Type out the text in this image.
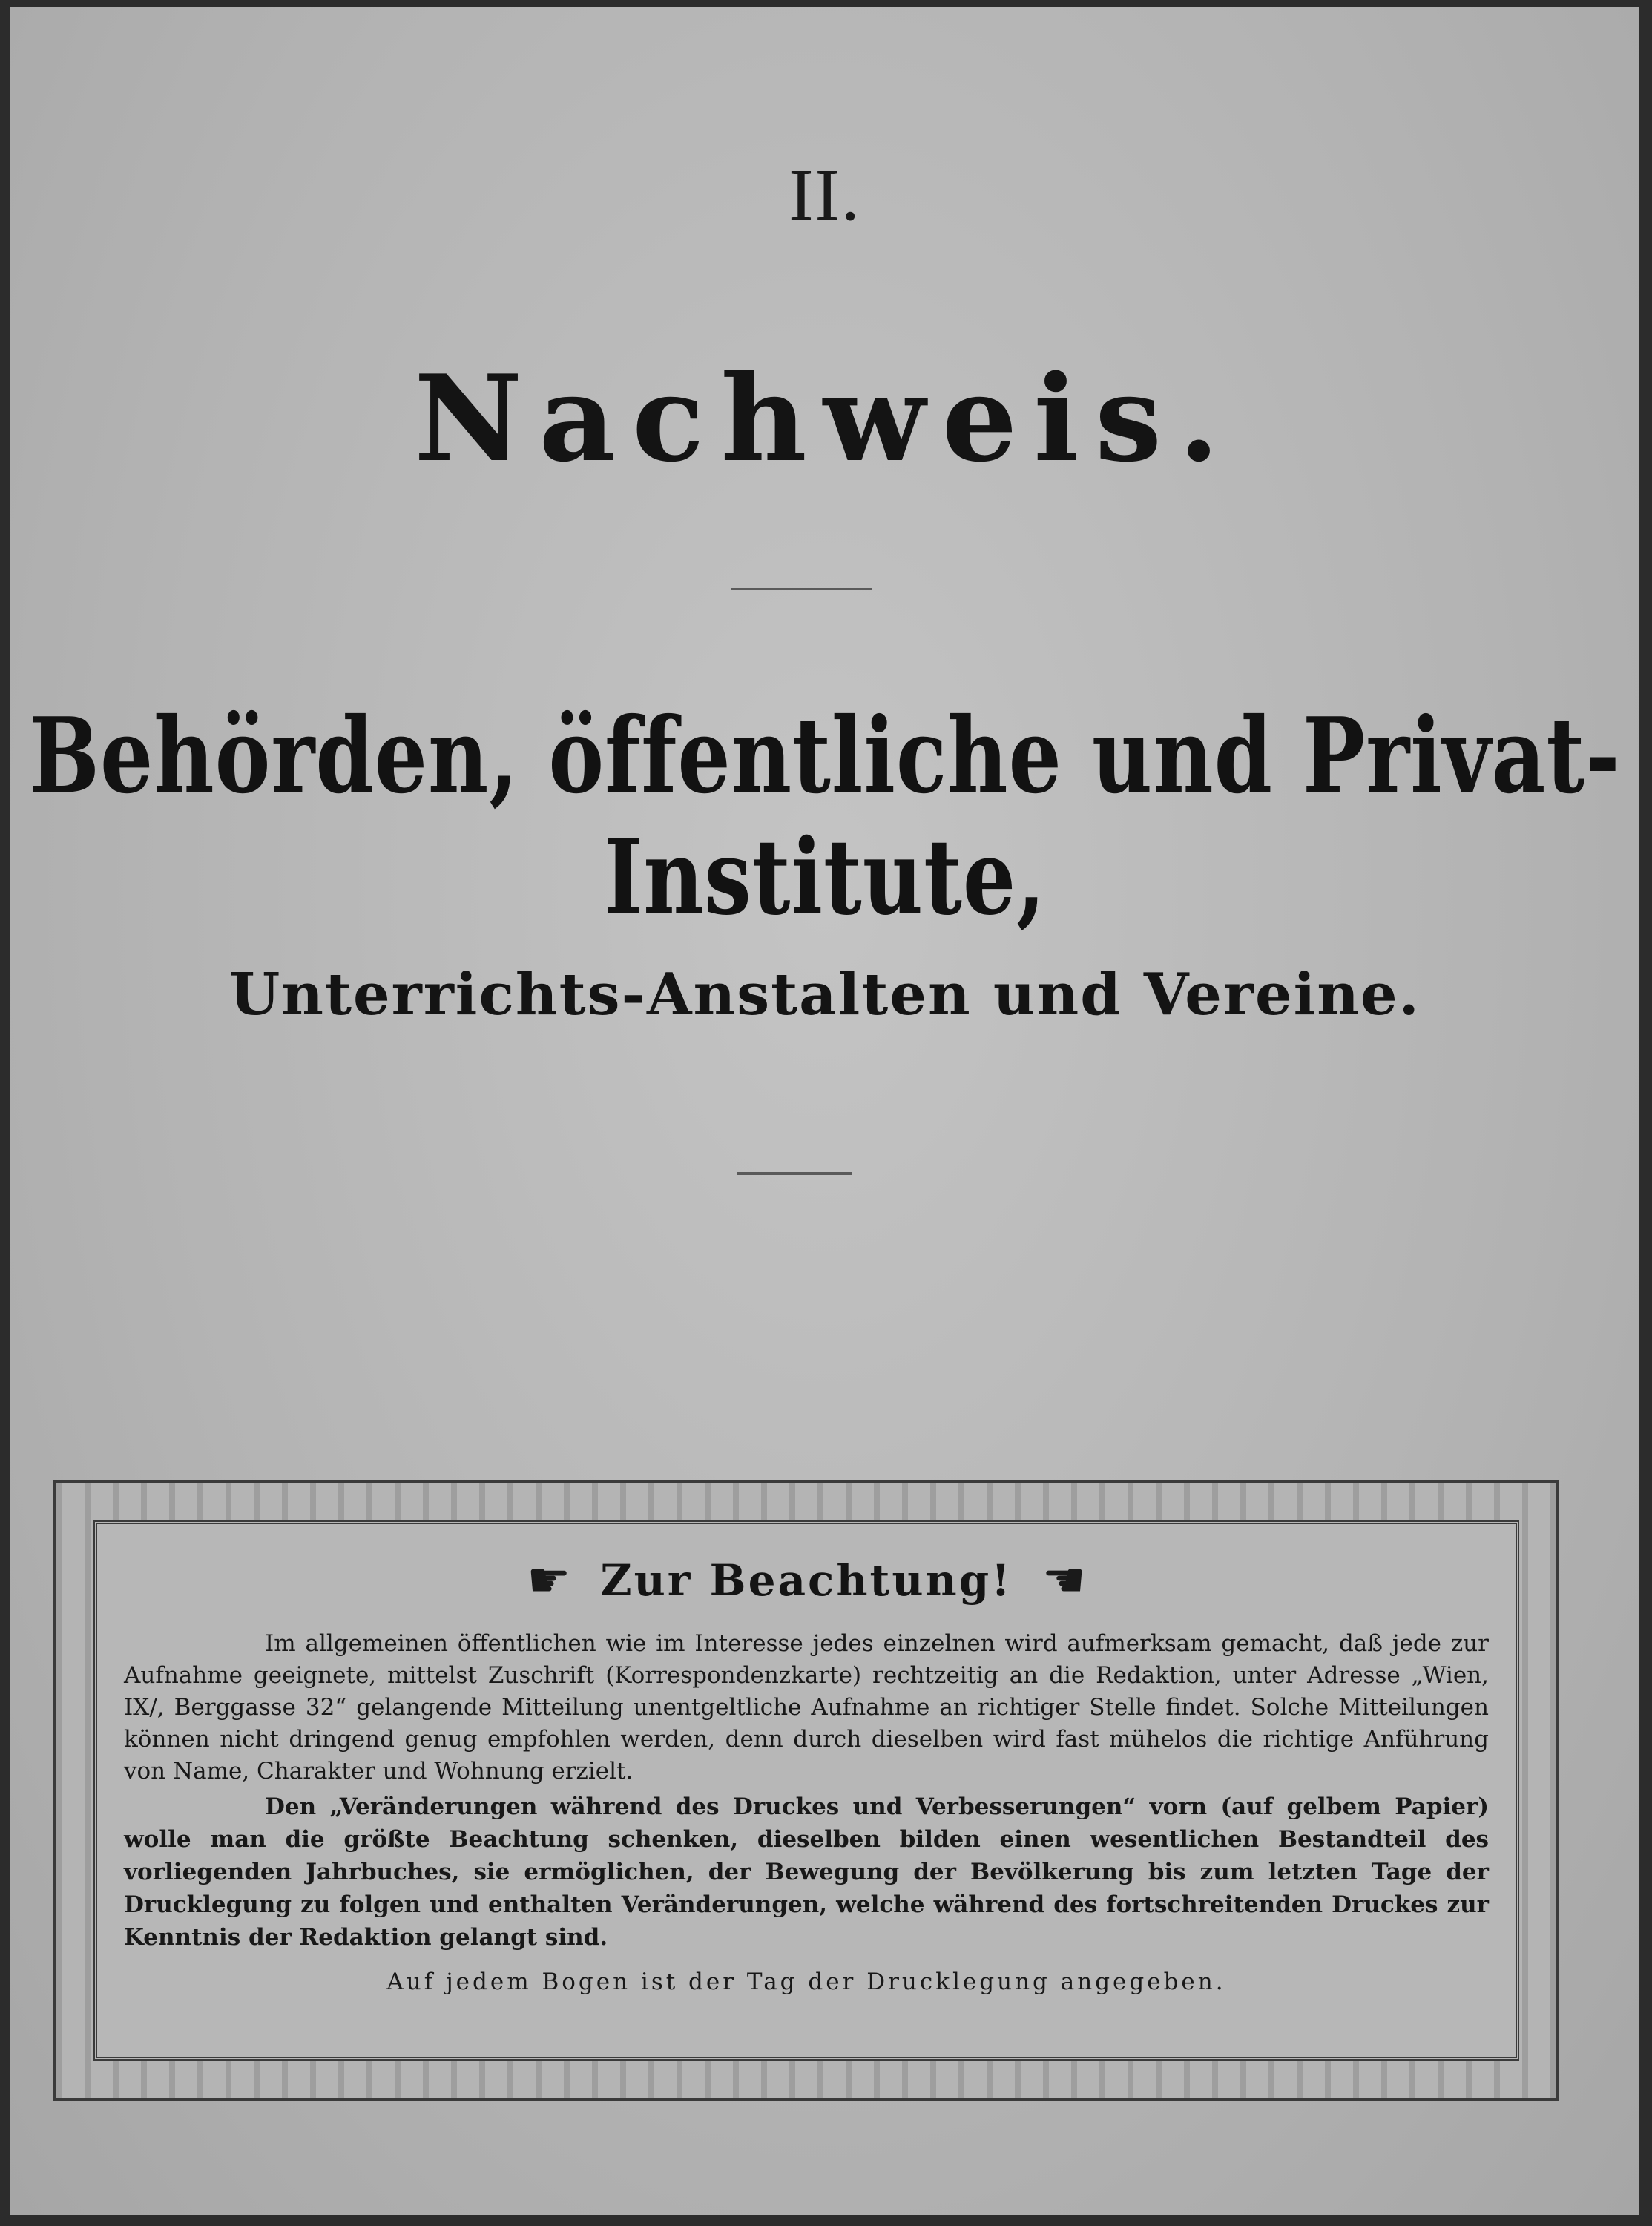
II.
Nachweis.
Behörden, öffentliche und Privat-Institute,
Unterrichts-Anstalten und Vereine.
☛ Zur Beachtung! ☚

Im allgemeinen öffentlichen wie im Interesse jedes einzelnen wird aufmerksam gemacht, daß jede zur Aufnahme geeignete, mittelst Zuschrift (Korrespondenzkarte) rechtzeitig an die Redaktion, unter Adresse „Wien, IX/, Berggasse 32“ gelangende Mitteilung unentgeltliche Aufnahme an richtiger Stelle findet. Solche Mitteilungen können nicht dringend genug empfohlen werden, denn durch dieselben wird fast mühelos die richtige Anführung von Name, Charakter und Wohnung erzielt.

Den „Veränderungen während des Druckes und Verbesserungen“ vorn (auf gelbem Papier) wolle man die größte Beachtung schenken, dieselben bilden einen wesentlichen Bestandteil des vorliegenden Jahrbuches, sie ermöglichen, der Bewegung der Bevölkerung bis zum letzten Tage der Drucklegung zu folgen und enthalten Veränderungen, welche während des fortschreitenden Druckes zur Kenntnis der Redaktion gelangt sind.

Auf jedem Bogen ist der Tag der Drucklegung angegeben.
